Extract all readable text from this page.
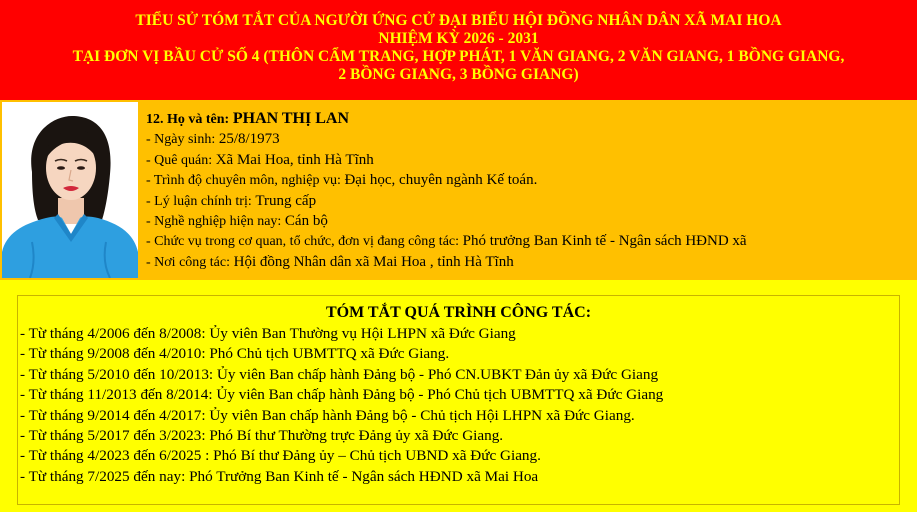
TIỂU SỬ TÓM TẮT CỦA NGƯỜI ỨNG CỬ ĐẠI BIỂU HỘI ĐỒNG NHÂN DÂN XÃ MAI HOA
NHIỆM KỲ 2026 - 2031
TẠI ĐƠN VỊ BẦU CỬ SỐ 4 (THÔN CẨM TRANG, HỢP PHÁT, 1 VĂN GIANG, 2 VĂN GIANG, 1 BỒNG GIANG,
2 BỒNG GIANG, 3 BỒNG GIANG)
12. Họ và tên: PHAN THỊ LAN
- Ngày sinh: 25/8/1973
- Quê quán: Xã Mai Hoa, tỉnh Hà Tĩnh
- Trình độ chuyên môn, nghiệp vụ: Đại học, chuyên ngành Kế toán.
- Lý luận chính trị: Trung cấp
- Nghề nghiệp hiện nay: Cán bộ
- Chức vụ trong cơ quan, tổ chức, đơn vị đang công tác: Phó trưởng Ban Kinh tế - Ngân sách HĐND xã
- Nơi công tác: Hội đồng Nhân dân xã Mai Hoa , tỉnh Hà Tĩnh
TÓM TẮT QUÁ TRÌNH CÔNG TÁC:
- Từ tháng 4/2006 đến 8/2008: Ủy viên Ban Thường vụ Hội LHPN xã Đức Giang
- Từ tháng 9/2008 đến 4/2010: Phó Chủ tịch UBMTTQ xã Đức Giang.
- Từ tháng 5/2010 đến 10/2013: Ủy viên Ban chấp hành Đảng bộ - Phó CN.UBKT Đản ủy xã Đức Giang
- Từ tháng 11/2013 đến 8/2014: Ủy viên Ban chấp hành Đảng bộ - Phó Chủ tịch UBMTTQ xã Đức Giang
- Từ tháng 9/2014 đến 4/2017: Ủy viên Ban chấp hành Đảng bộ - Chủ tịch Hội LHPN xã Đức Giang.
- Từ tháng 5/2017 đến 3/2023: Phó Bí thư Thường trực Đảng ủy xã Đức Giang.
- Từ tháng 4/2023 đến 6/2025 : Phó Bí thư Đảng ủy – Chủ tịch UBND xã Đức Giang.
- Từ tháng 7/2025 đến nay: Phó Trưởng Ban Kinh tế - Ngân sách HĐND xã Mai Hoa
